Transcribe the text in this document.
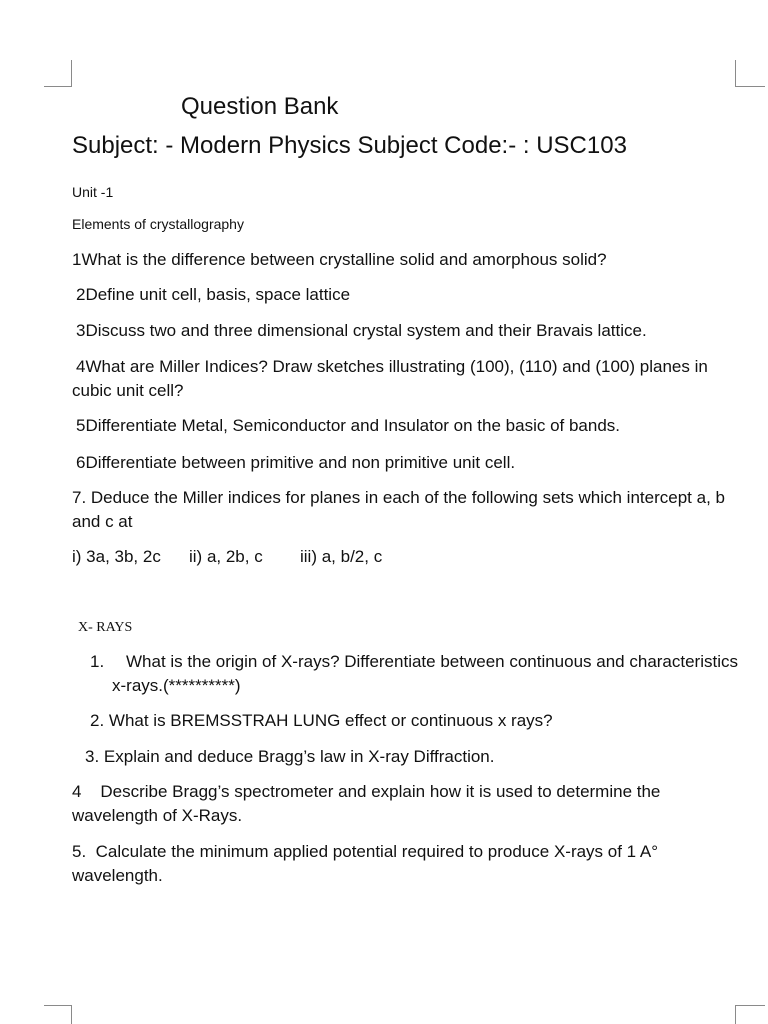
Question Bank
Subject: - Modern Physics Subject Code:- : USC103
Unit -1
Elements of crystallography
1What is the difference between crystalline solid and amorphous solid?
2Define unit cell, basis, space lattice
3Discuss two and three dimensional crystal system and their Bravais lattice.
4What are Miller Indices? Draw sketches illustrating (100), (110) and (100) planes in
cubic unit cell?
5Differentiate Metal, Semiconductor and Insulator on the basic of bands.
6Differentiate between primitive and non primitive unit cell.
7. Deduce the Miller indices for planes in each of the following sets which intercept a, b
and c at
i) 3a, 3b, 2c ii) a, 2b, c iii) a, b/2, c
X- RAYS
1. What is the origin of X-rays? Differentiate between continuous and characteristics
x-rays.(**********)
2. What is BREMSSTRAH LUNG effect or continuous x rays?
3. Explain and deduce Bragg’s law in X-ray Diffraction.
4    Describe Bragg’s spectrometer and explain how it is used to determine the
wavelength of X-Rays.
5.  Calculate the minimum applied potential required to produce X-rays of 1 A°
wavelength.
